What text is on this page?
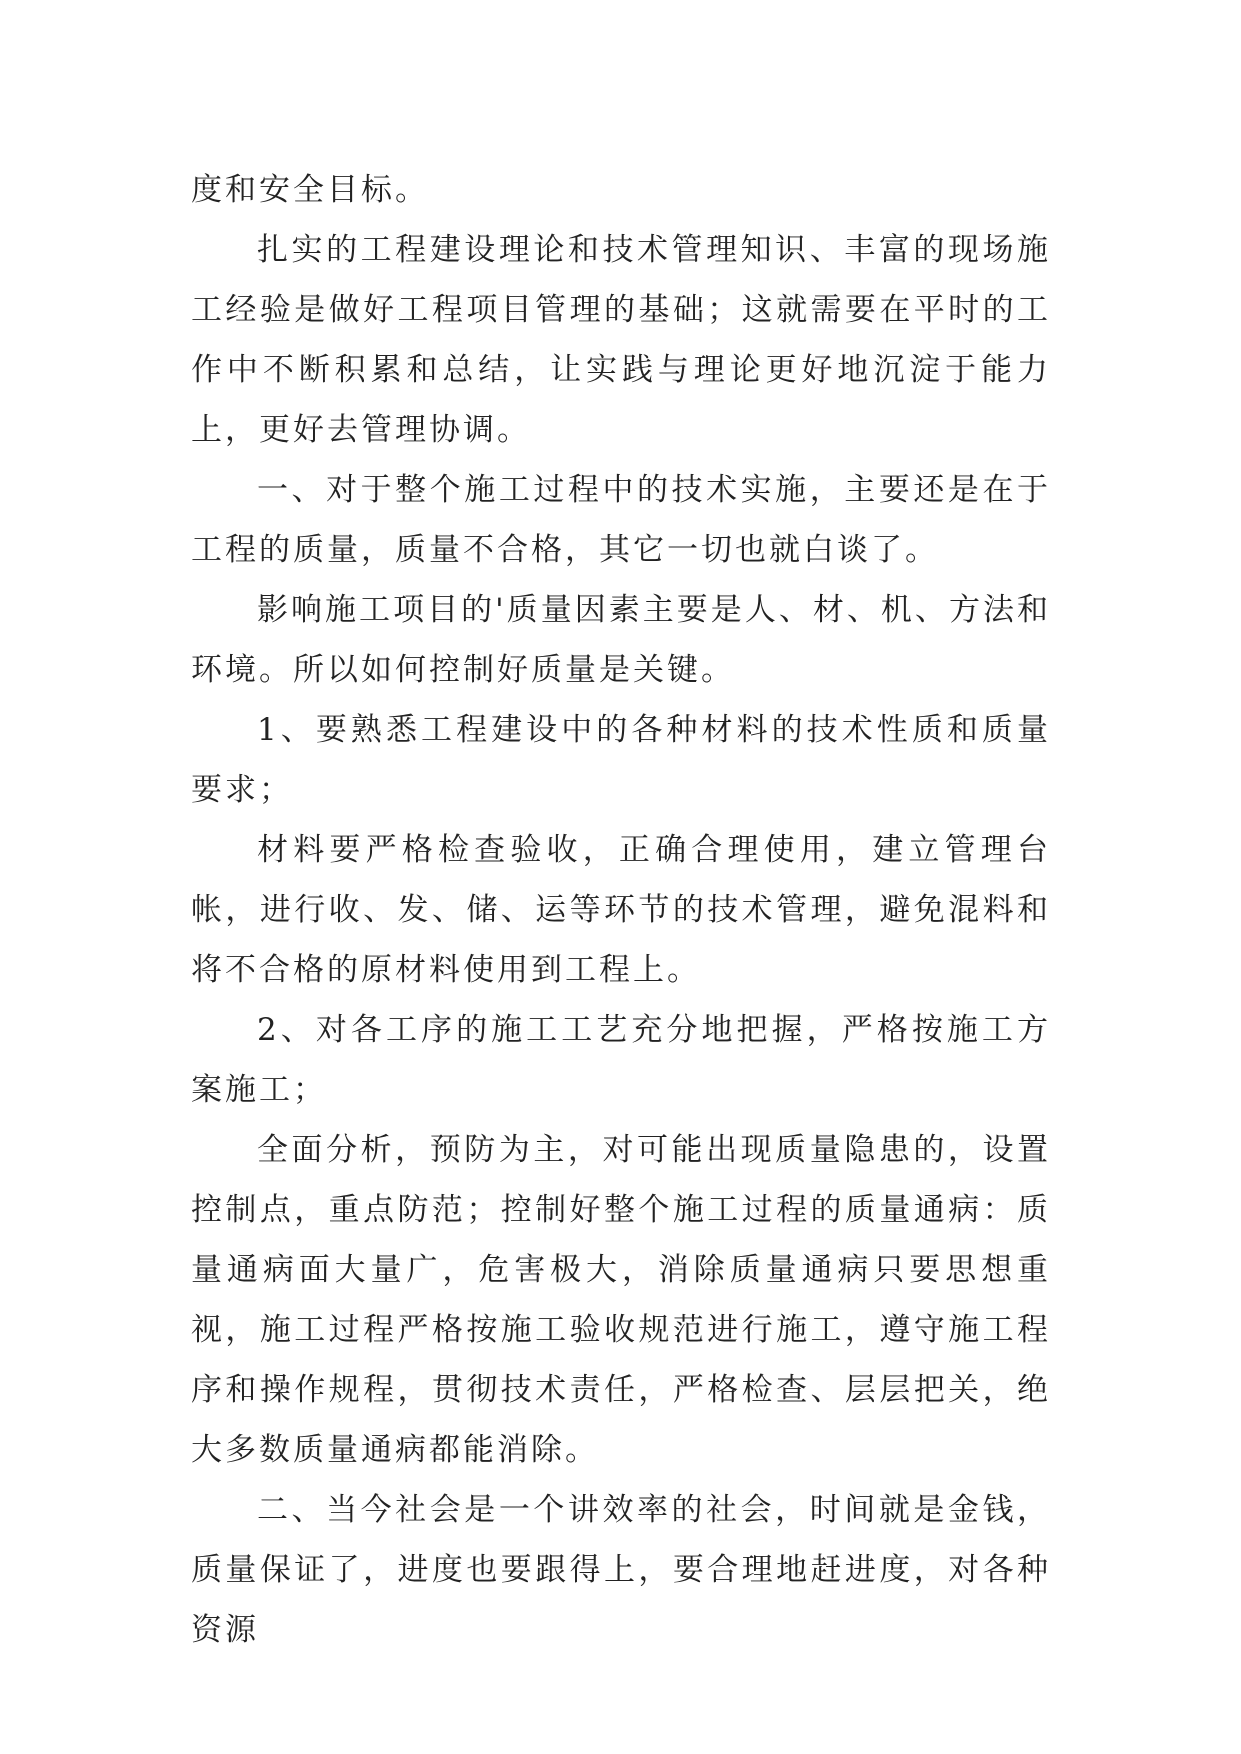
度和安全目标。

扎实的工程建设理论和技术管理知识、丰富的现场施工经验是做好工程项目管理的基础；这就需要在平时的工作中不断积累和总结，让实践与理论更好地沉淀于能力上，更好去管理协调。

一、对于整个施工过程中的技术实施，主要还是在于工程的质量，质量不合格，其它一切也就白谈了。

影响施工项目的'质量因素主要是人、材、机、方法和环境。所以如何控制好质量是关键。

1、要熟悉工程建设中的各种材料的技术性质和质量要求；

材料要严格检查验收，正确合理使用，建立管理台帐，进行收、发、储、运等环节的技术管理，避免混料和将不合格的原材料使用到工程上。

2、对各工序的施工工艺充分地把握，严格按施工方案施工；

全面分析，预防为主，对可能出现质量隐患的，设置控制点，重点防范；控制好整个施工过程的质量通病：质量通病面大量广，危害极大，消除质量通病只要思想重视，施工过程严格按施工验收规范进行施工，遵守施工程序和操作规程，贯彻技术责任，严格检查、层层把关，绝大多数质量通病都能消除。

二、当今社会是一个讲效率的社会，时间就是金钱，质量保证了，进度也要跟得上，要合理地赶进度，对各种资源
